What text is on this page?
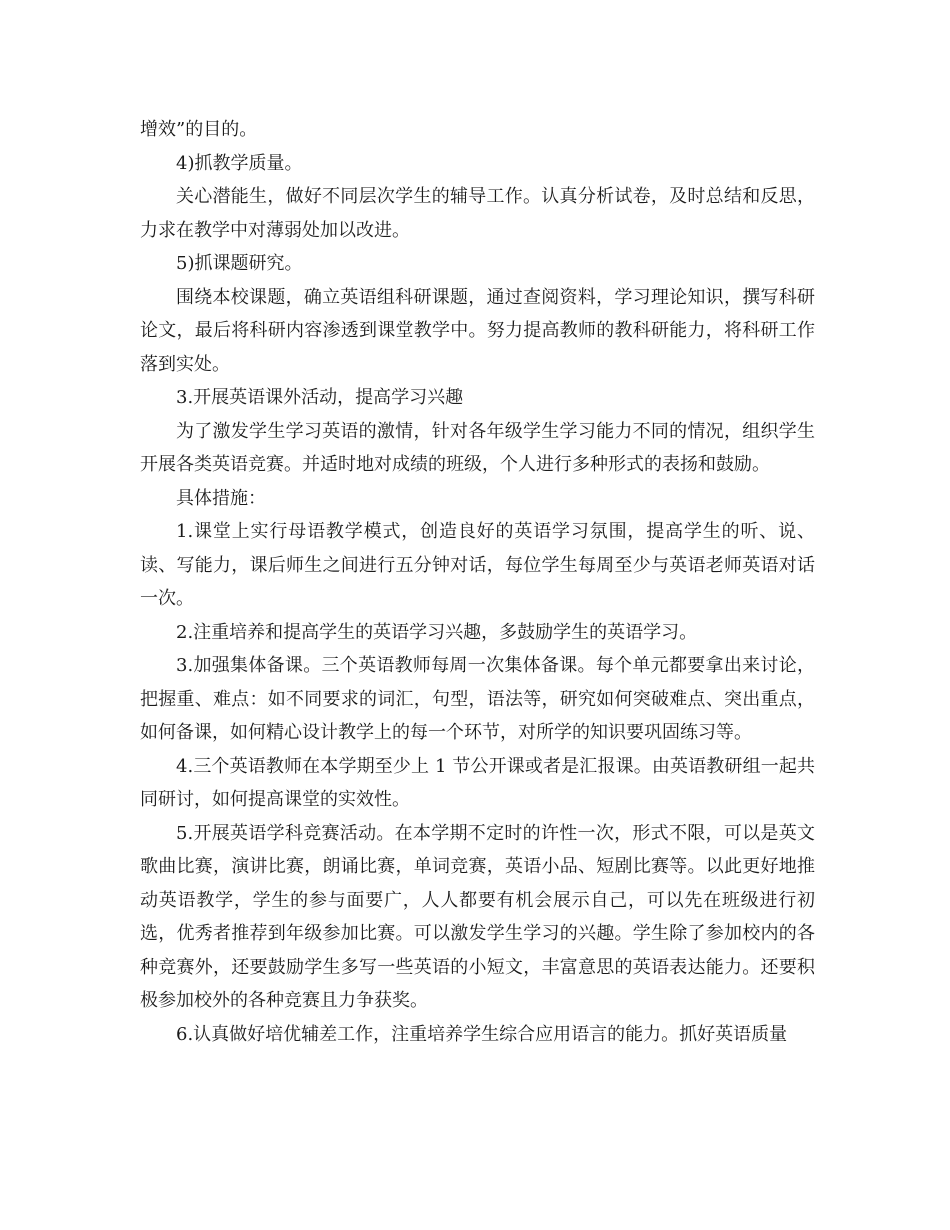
增效”的目的。

4)抓教学质量。

关心潜能生，做好不同层次学生的辅导工作。认真分析试卷，及时总结和反思，力求在教学中对薄弱处加以改进。

5)抓课题研究。

围绕本校课题，确立英语组科研课题，通过查阅资料，学习理论知识，撰写科研论文，最后将科研内容渗透到课堂教学中。努力提高教师的教科研能力，将科研工作落到实处。

3.开展英语课外活动，提高学习兴趣

为了激发学生学习英语的激情，针对各年级学生学习能力不同的情况，组织学生开展各类英语竞赛。并适时地对成绩的班级，个人进行多种形式的表扬和鼓励。

具体措施：

1.课堂上实行母语教学模式，创造良好的英语学习氛围，提高学生的听、说、读、写能力，课后师生之间进行五分钟对话，每位学生每周至少与英语老师英语对话一次。

2.注重培养和提高学生的英语学习兴趣，多鼓励学生的英语学习。

3.加强集体备课。三个英语教师每周一次集体备课。每个单元都要拿出来讨论，把握重、难点：如不同要求的词汇，句型，语法等，研究如何突破难点、突出重点，如何备课，如何精心设计教学上的每一个环节，对所学的知识要巩固练习等。

4.三个英语教师在本学期至少上 1 节公开课或者是汇报课。由英语教研组一起共同研讨，如何提高课堂的实效性。

5.开展英语学科竞赛活动。在本学期不定时的许性一次，形式不限，可以是英文歌曲比赛，演讲比赛，朗诵比赛，单词竞赛，英语小品、短剧比赛等。以此更好地推动英语教学，学生的参与面要广，人人都要有机会展示自己，可以先在班级进行初选，优秀者推荐到年级参加比赛。可以激发学生学习的兴趣。学生除了参加校内的各种竞赛外，还要鼓励学生多写一些英语的小短文，丰富意思的英语表达能力。还要积极参加校外的各种竞赛且力争获奖。

6.认真做好培优辅差工作，注重培养学生综合应用语言的能力。抓好英语质量
